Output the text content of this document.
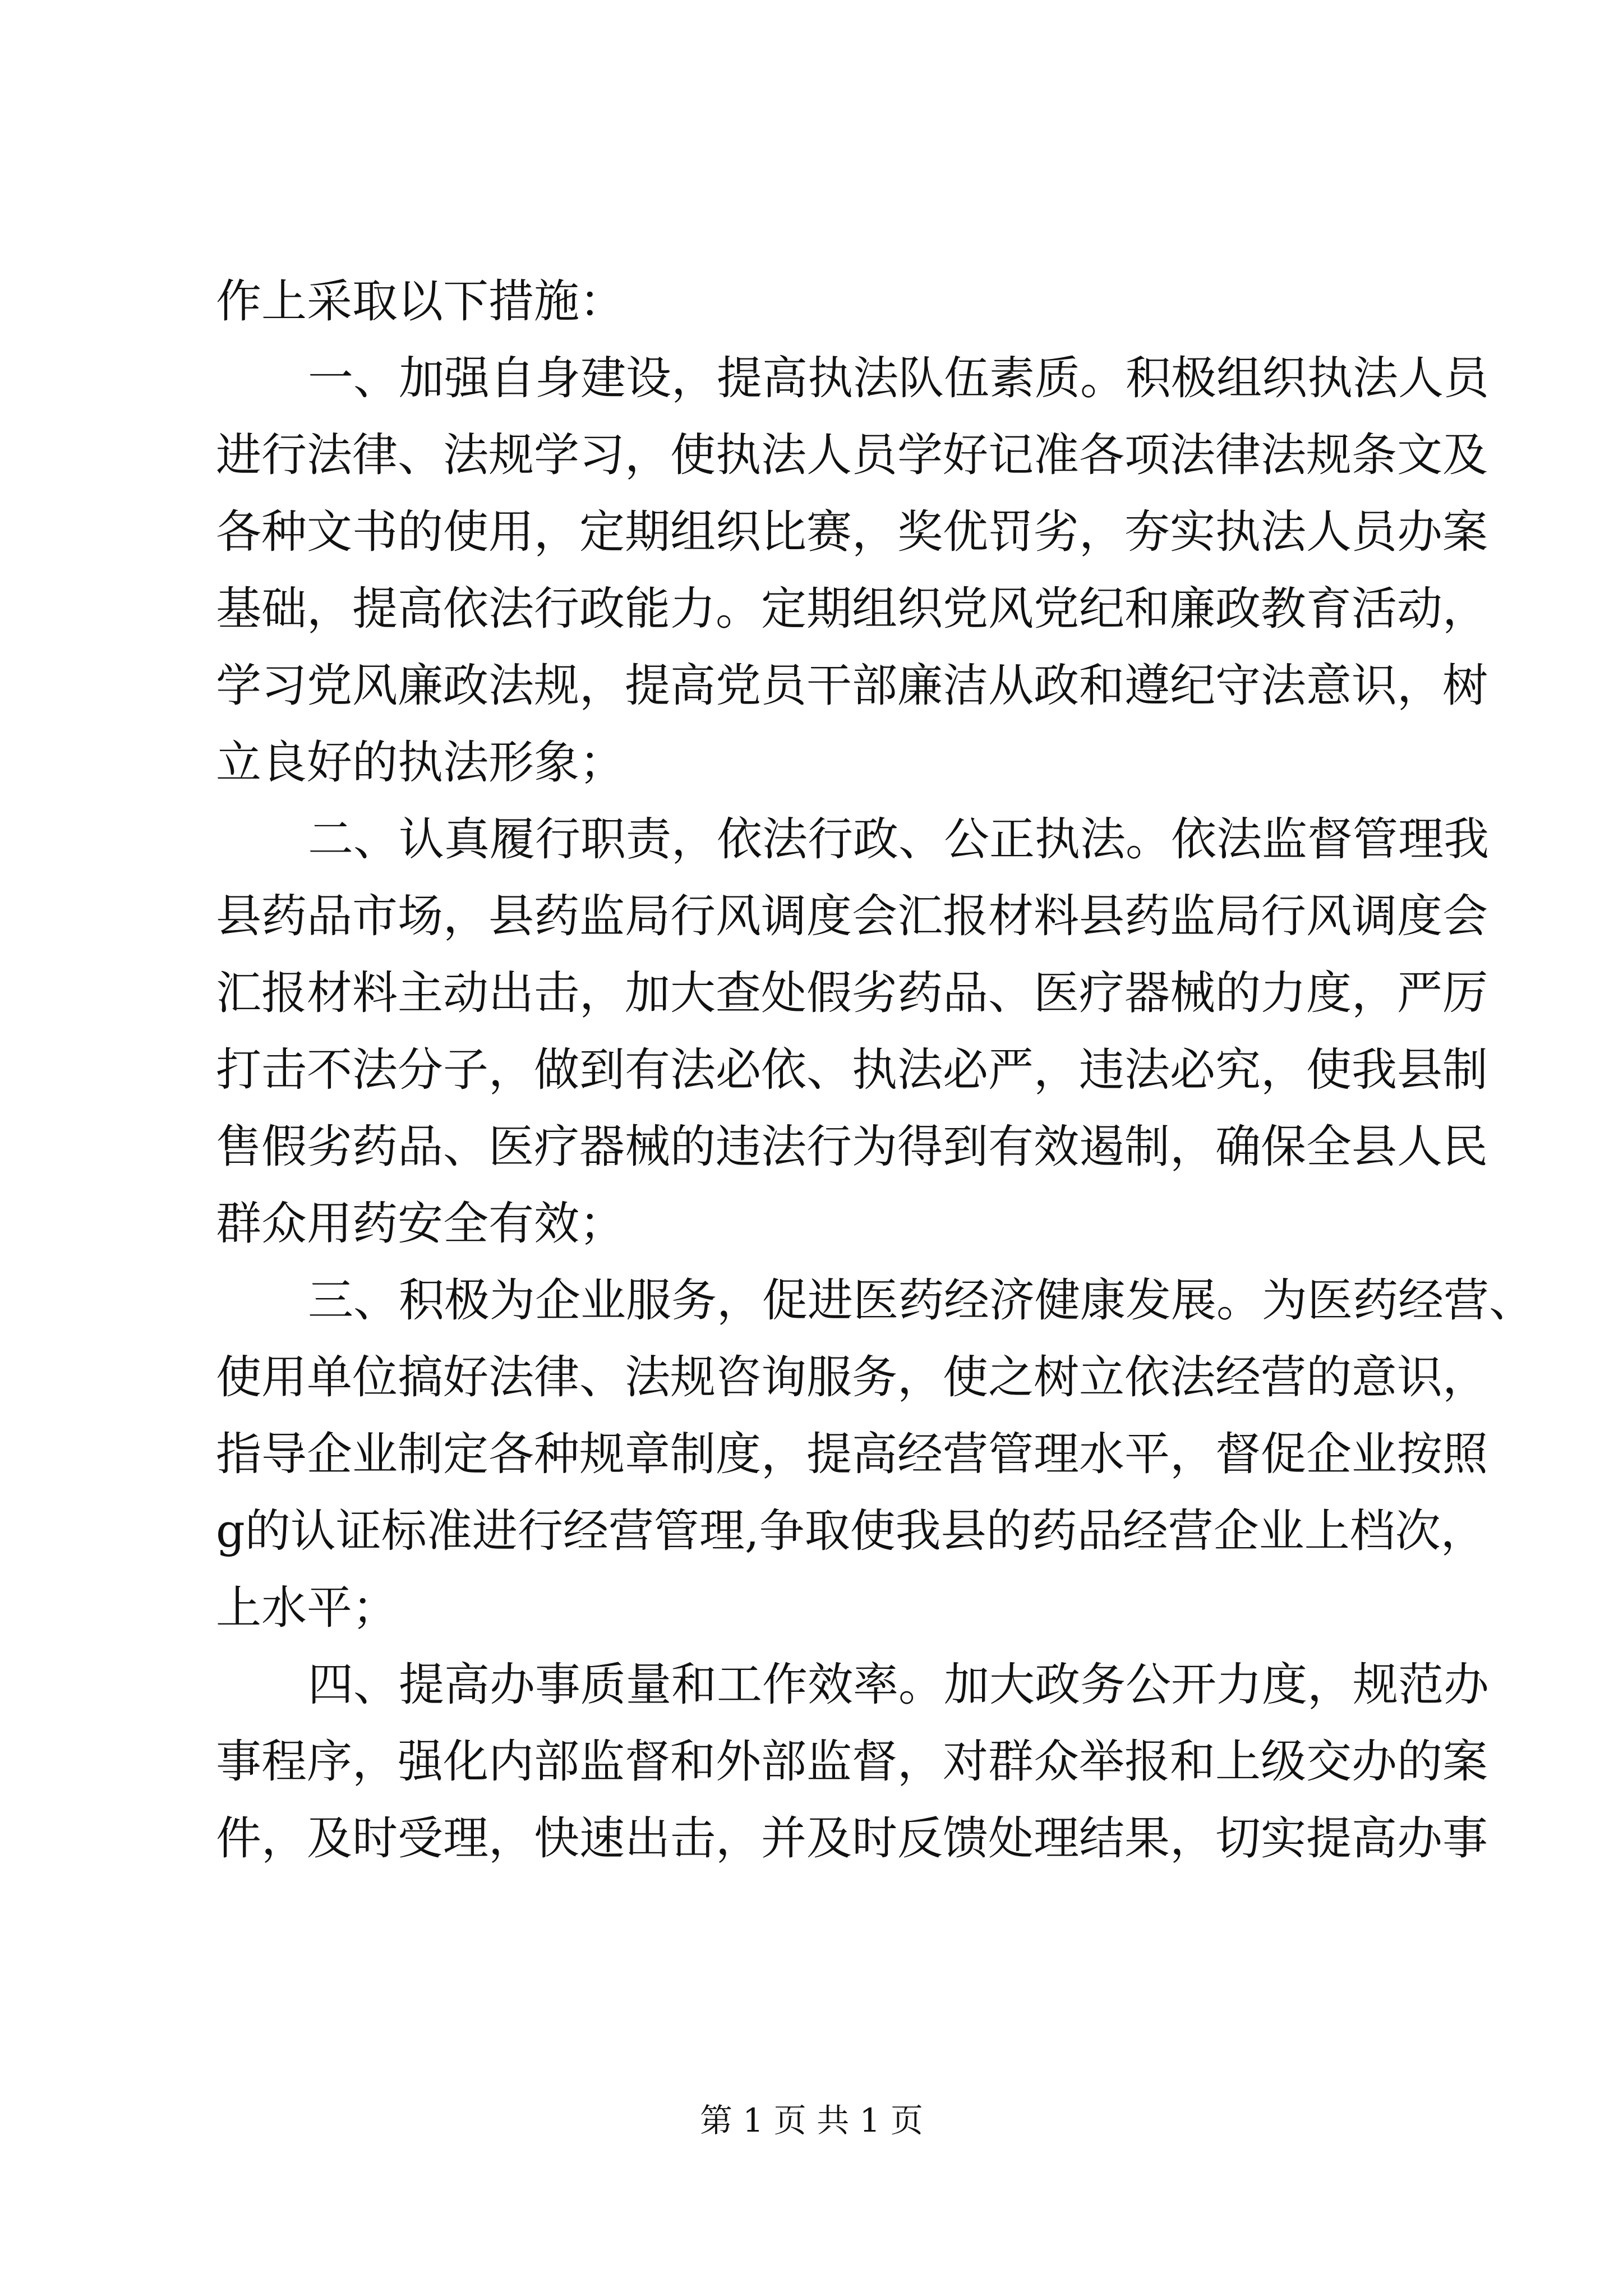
作上采取以下措施：
一、加强自身建设，提高执法队伍素质。积极组织执法人员
进行法律、法规学习，使执法人员学好记准各项法律法规条文及
各种文书的使用，定期组织比赛，奖优罚劣，夯实执法人员办案
基础，提高依法行政能力。定期组织党风党纪和廉政教育活动，
学习党风廉政法规，提高党员干部廉洁从政和遵纪守法意识，树
立良好的执法形象；
二、认真履行职责，依法行政、公正执法。依法监督管理我
县药品市场，县药监局行风调度会汇报材料县药监局行风调度会
汇报材料主动出击，加大查处假劣药品、医疗器械的力度，严厉
打击不法分子，做到有法必依、执法必严，违法必究，使我县制
售假劣药品、医疗器械的违法行为得到有效遏制，确保全县人民
群众用药安全有效；
三、积极为企业服务，促进医药经济健康发展。为医药经营、
使用单位搞好法律、法规咨询服务，使之树立依法经营的意识，
指导企业制定各种规章制度，提高经营管理水平，督促企业按照
g的认证标准进行经营管理,争取使我县的药品经营企业上档次，
上水平；
四、提高办事质量和工作效率。加大政务公开力度，规范办
事程序，强化内部监督和外部监督，对群众举报和上级交办的案
件，及时受理，快速出击，并及时反馈处理结果，切实提高办事
第 1 页 共 1 页
